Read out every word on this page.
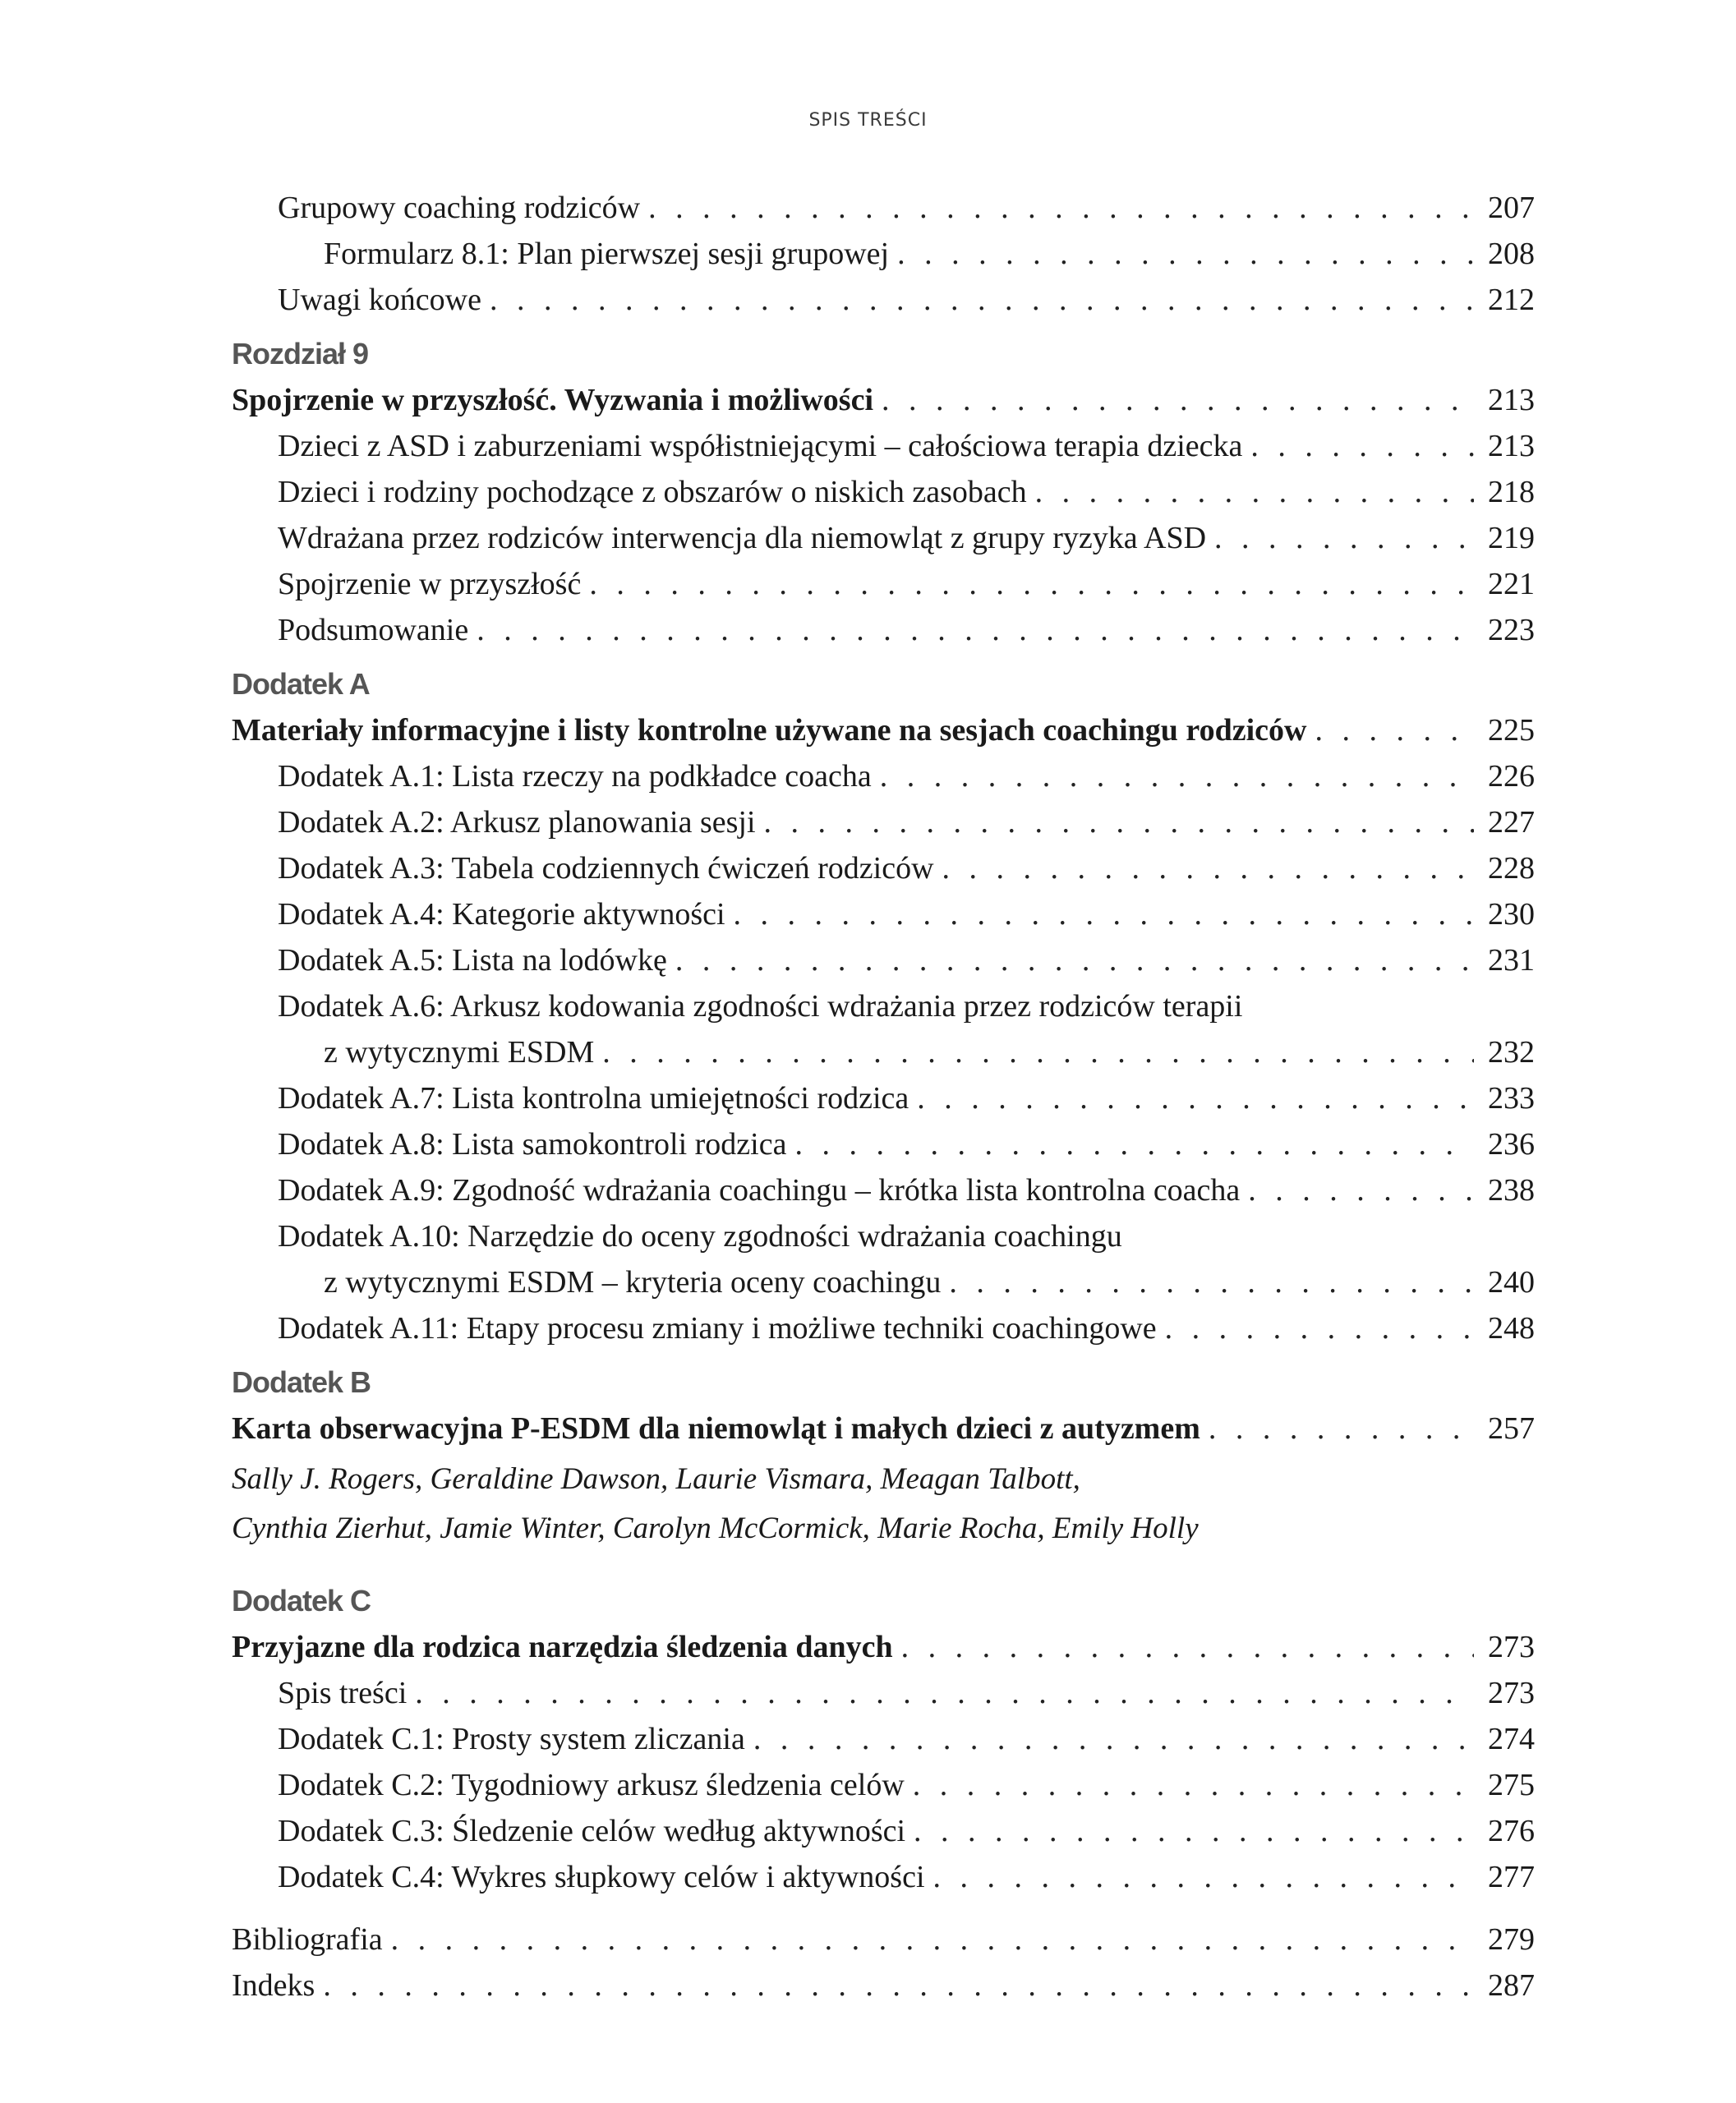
SPIS TREŚCI
Grupowy coaching rodziców . . .	207
Formularz 8.1: Plan pierwszej sesji grupowej . . .	208
Uwagi końcowe . . .	212
Rozdział 9
Spojrzenie w przyszłość. Wyzwania i możliwości . . .	213
Dzieci z ASD i zaburzeniami współistniejącymi – całościowa terapia dziecka . . .	213
Dzieci i rodziny pochodzące z obszarów o niskich zasobach . . .	218
Wdrażana przez rodziców interwencja dla niemowląt z grupy ryzyka ASD . . .	219
Spojrzenie w przyszłość . . .	221
Podsumowanie . . .	223
Dodatek A
Materiały informacyjne i listy kontrolne używane na sesjach coachingu rodziców . . .	225
Dodatek A.1: Lista rzeczy na podkładce coacha . . .	226
Dodatek A.2: Arkusz planowania sesji . . .	227
Dodatek A.3: Tabela codziennych ćwiczeń rodziców . . .	228
Dodatek A.4: Kategorie aktywności . . .	230
Dodatek A.5: Lista na lodówkę . . .	231
Dodatek A.6: Arkusz kodowania zgodności wdrażania przez rodziców terapii
z wytycznymi ESDM . . .	232
Dodatek A.7: Lista kontrolna umiejętności rodzica . . .	233
Dodatek A.8: Lista samokontroli rodzica . . .	236
Dodatek A.9: Zgodność wdrażania coachingu – krótka lista kontrolna coacha . . .	238
Dodatek A.10: Narzędzie do oceny zgodności wdrażania coachingu
z wytycznymi ESDM – kryteria oceny coachingu . . .	240
Dodatek A.11: Etapy procesu zmiany i możliwe techniki coachingowe . . .	248
Dodatek B
Karta obserwacyjna P-ESDM dla niemowląt i małych dzieci z autyzmem . . .	257
Sally J. Rogers, Geraldine Dawson, Laurie Vismara, Meagan Talbott,
Cynthia Zierhut, Jamie Winter, Carolyn McCormick, Marie Rocha, Emily Holly
Dodatek C
Przyjazne dla rodzica narzędzia śledzenia danych . . .	273
Spis treści . . .	273
Dodatek C.1: Prosty system zliczania . . .	274
Dodatek C.2: Tygodniowy arkusz śledzenia celów . . .	275
Dodatek C.3: Śledzenie celów według aktywności . . .	276
Dodatek C.4: Wykres słupkowy celów i aktywności . . .	277
Bibliografia . . .	279
Indeks . . .	287
